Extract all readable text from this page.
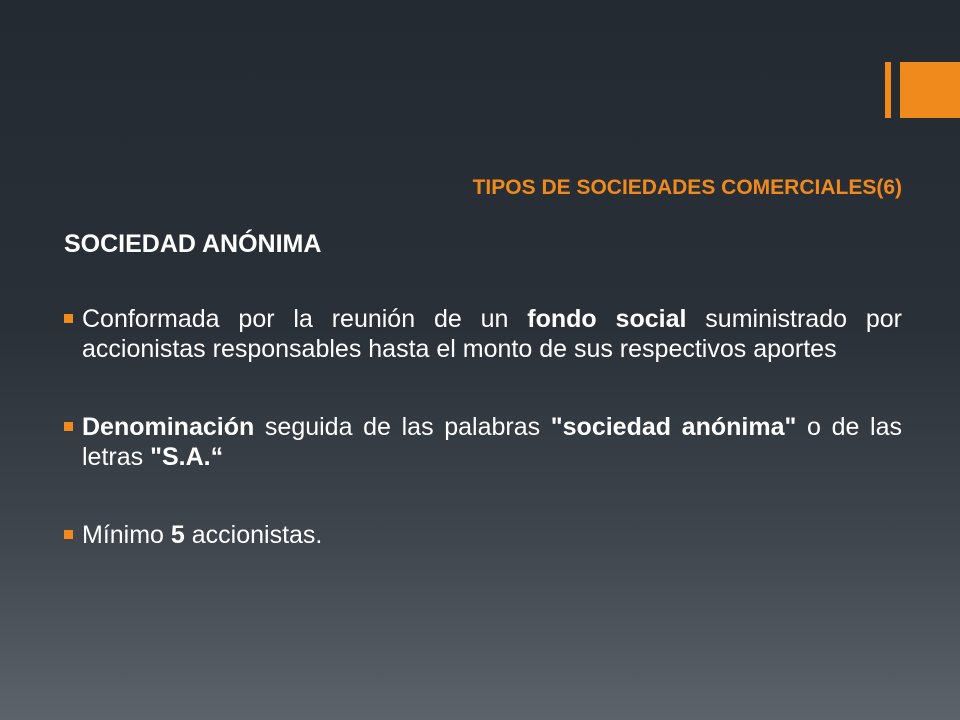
TIPOS DE SOCIEDADES COMERCIALES(6)
SOCIEDAD ANÓNIMA
Conformada por la reunión de un fondo social suministrado por accionistas responsables hasta el monto de sus respectivos aportes
Denominación seguida de las palabras "sociedad anónima" o de las letras "S.A.“
Mínimo 5 accionistas.
